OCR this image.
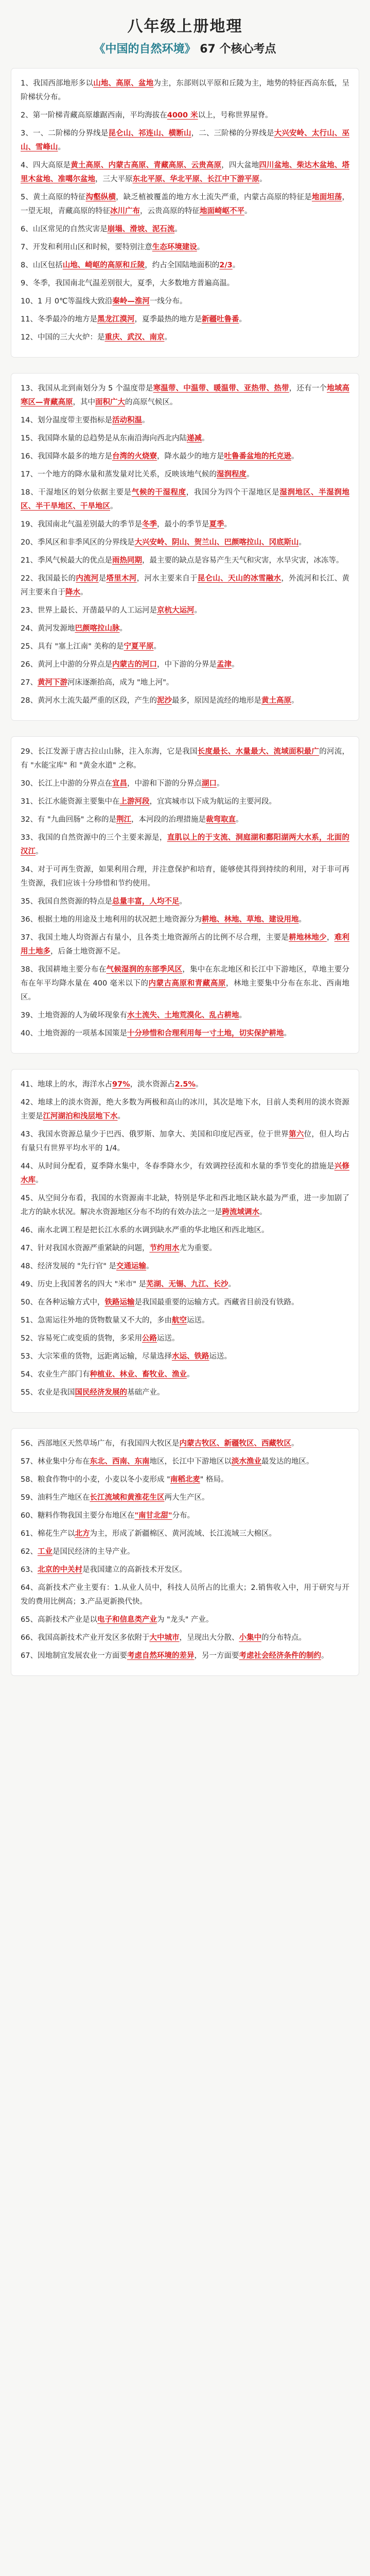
八年级上册地理
《中国的自然环境》 67 个核心考点

1、我国西部地形多以山地、高原、盆地为主，东部则以平原和丘陵为主，地势的特征西高东低，呈阶梯状分布。

2、第一阶梯青藏高原雄踞西南，平均海拔在4000 米以上，号称世界屋脊。

3、一、二阶梯的分界线是昆仑山、祁连山、横断山，二、三阶梯的分界线是大兴安岭、太行山、巫山、雪峰山。

4、四大高原是黄土高原、内蒙古高原、青藏高原、云贵高原，四大盆地四川盆地、柴达木盆地、塔里木盆地、准噶尔盆地，三大平原东北平原、华北平原、长江中下游平原。

5、黄土高原的特征沟壑纵横，缺乏植被覆盖的地方水土流失严重，内蒙古高原的特征是地面坦荡，一望无垠，青藏高原的特征冰川广布，云贵高原的特征地面崎岖不平。

6、山区常见的自然灾害是崩塌、滑坡、泥石流。

7、开发和利用山区和时候，要特别注意生态环境建设。

8、山区包括山地、崎岖的高原和丘陵，约占全国陆地面积的2/3。

9、冬季，我国南北气温差别很大，夏季，大多数地方普遍高温。

10、1 月 0℃等温线大致沿秦岭—淮河一线分布。

11、冬季最冷的地方是黑龙江漠河，夏季最热的地方是新疆吐鲁番。

12、中国的三大火炉：是重庆、武汉、南京。

13、我国从北到南划分为 5 个温度带是寒温带、中温带、暖温带、亚热带、热带，还有一个地域高寒区—青藏高原，其中面积广大的高原气候区。

14、划分温度带主要指标是活动积温。

15、我国降水量的总趋势是从东南沿海向西北内陆递减。

16、我国降水最多的地方是台湾的火烧寮，降水最少的地方是吐鲁番盆地的托克逊。

17、一个地方的降水量和蒸发量对比关系，反映该地气候的湿润程度。

18、干湿地区的划分依据主要是气候的干湿程度，我国分为四个干湿地区是湿润地区、半湿润地区、半干旱地区、干旱地区。

19、我国南北气温差别最大的季节是冬季，最小的季节是夏季。

20、季风区和非季风区的分界线是大兴安岭、阴山、贺兰山、巴颜喀拉山、冈底斯山。

21、季风气候最大的优点是雨热同期，最主要的缺点是容易产生天气和灾害，水旱灾害，冰冻等。

22、我国最长的内流河是塔里木河，河水主要来自于昆仑山、天山的冰雪融水，外流河和长江、黄河主要来自于降水。

23、世界上最长、开凿最早的人工运河是京杭大运河。

24、黄河发源地巴颜喀拉山脉。

25、具有 "塞上江南" 美称的是宁夏平原。

26、黄河上中游的分界点是内蒙古的河口，中下游的分界是孟津。

27、黄河下游河床逐渐抬高，成为 "地上河"。

28、黄河水土流失最严重的区段，产生的泥沙最多，原因是流经的地形是黄土高原。

29、长江发源于唐古拉山山脉，注入东海，它是我国长度最长、水量最大、流域面积最广的河流，有 "水能宝库" 和 "黄金水道" 之称。

30、长江上中游的分界点在宜昌，中游和下游的分界点湖口。

31、长江水能资源主要集中在上游河段，宜宾城市以下成为航运的主要河段。

32、有 "九曲回肠" 之称的是荆江，本河段的治理措施是裁弯取直。

33、我国的自然资源中的三个主要来源是，直肌以上的于支流、洞庭湖和鄱阳湖两大水系，北面的汉江。

34、对于可再生资源，如果利用合理，并注意保护和培育，能够使其得到持续的利用，对于非可再生资源，我们应该十分珍惜和节约使用。

35、我国自然资源的特点是总量丰富，人均不足。

36、根据土地的用途及土地利用的状况把土地资源分为耕地、林地、草地、建设用地。

37、我国土地人均资源占有量小，且各类土地资源所占的比例不尽合理，主要是耕地林地少，难利用土地多，后备土地资源不足。

38、我国耕地主要分布在气候湿润的东部季风区，集中在东北地区和长江中下游地区，草地主要分布在年平均降水量在 400 毫米以下的内蒙古高原和青藏高原，林地主要集中分布在东北、西南地区。

39、土地资源的人为破坏现象有水土流失、土地荒漠化、乱占耕地。

40、土地资源的一项基本国策是十分珍惜和合理利用每一寸土地，切实保护耕地。

41、地球上的水，海洋水占97%，淡水资源占2.5%。

42、地球上的淡水资源，绝大多数为两极和高山的冰川，其次是地下水，目前人类利用的淡水资源主要是江河湖泊和浅层地下水。

43、我国水资源总量少于巴西、俄罗斯、加拿大、美国和印度尼西亚，位于世界第六位，但人均占有量只有世界平均水平的 1/4。

44、从时间分配看，夏季降水集中，冬春季降水少，有效调控径流和水量的季节变化的措施是兴修水库。

45、从空间分布看，我国的水资源南丰北缺，特别是华北和西北地区缺水最为严重，进一步加剧了北方的缺水状况。解决水资源地区分布不均的有效办法之一是跨流域调水。

46、南水北调工程是把长江水系的水调到缺水严重的华北地区和西北地区。

47、针对我国水资源严重紧缺的问题，节约用水尤为重要。

48、经济发展的 "先行官" 是交通运输。

49、历史上我国著名的四大 "米市" 是芜湖、无锡、九江、长沙。

50、在各种运输方式中，铁路运输是我国最重要的运输方式。西藏省目前没有铁路。

51、急需运往外地的货物数量又不大的，多由航空运送。

52、容易死亡或变质的货物，多采用公路运送。

53、大宗笨重的货物，远距离运输，尽量选择水运、铁路运送。

54、农业生产部门有种植业、林业、畜牧业、渔业。

55、农业是我国国民经济发展的基础产业。

56、西部地区天然草场广布，有我国四大牧区是内蒙古牧区、新疆牧区、西藏牧区。

57、林业集中分布在东北、西南、东南地区，长江中下游地区以淡水渔业最发达的地区。

58、粮食作物中的小麦，小麦以冬小麦形成 "南稻北麦" 格局。

59、油料生产地区在长江流域和黄淮花生区两大生产区。

60、糖料作物我国主要分布地区在"南甘北甜"分布。

61、棉花生产以北方为主，形成了新疆棉区、黄河流域、长江流域三大棉区。

62、工业是国民经济的主导产业。

63、北京的中关村是我国建立的高新技术开发区。

64、高新技术产业主要有：1.从业人员中，科技人员所占的比重大；2.销售收入中，用于研究与开发的费用比例高；3.产品更新换代快。

65、高新技术产业是以电子和信息类产业为 "龙头" 产业。

66、我国高新技术产业开发区多依附于大中城市，呈现出大分散、小集中的分布特点。

67、因地制宜发展农业一方面要考虑自然环境的差异，另一方面要考虑社会经济条件的制约。
